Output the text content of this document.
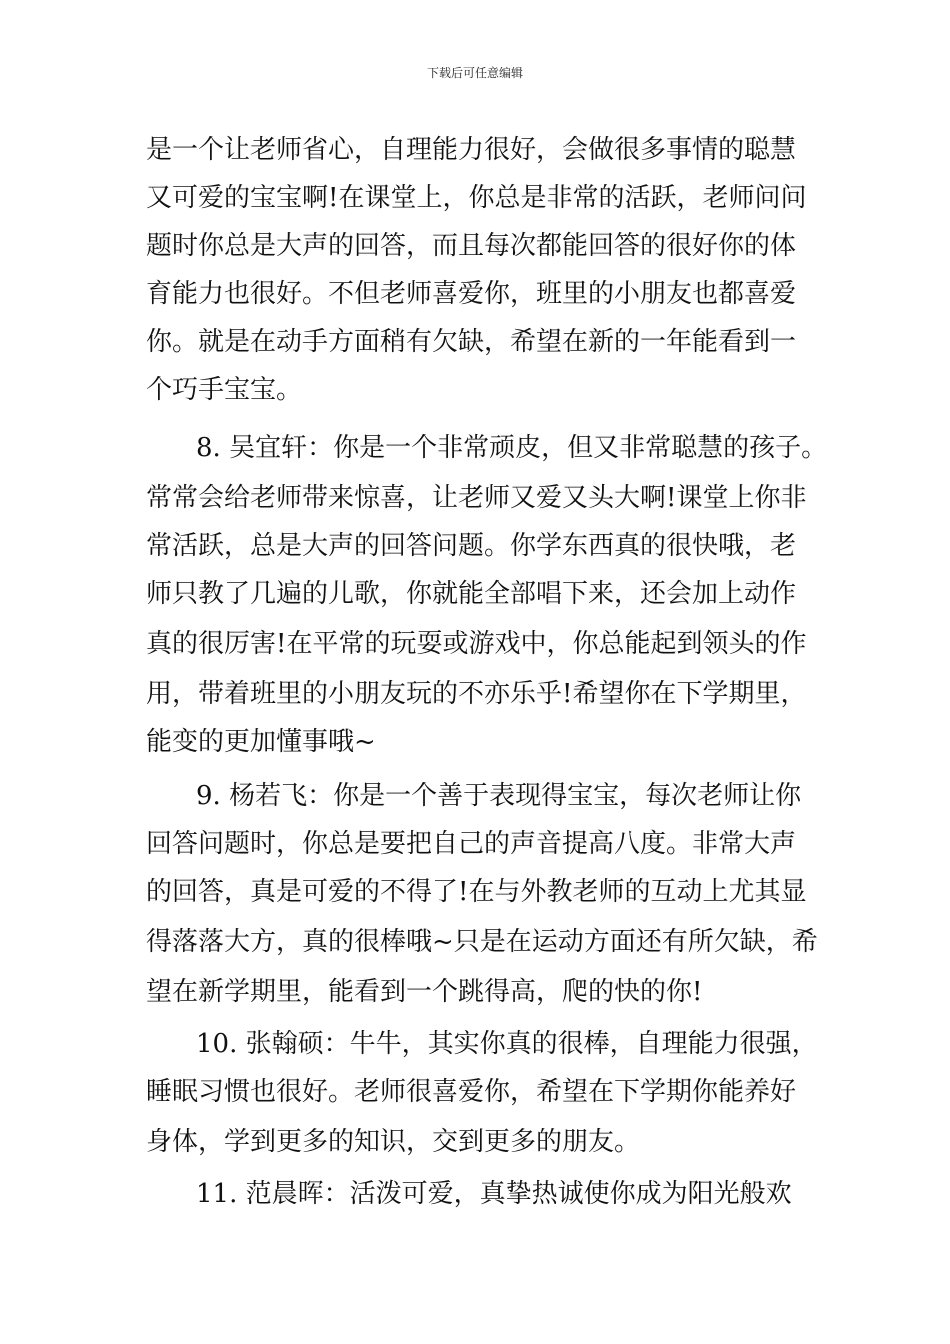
下载后可任意编辑
是一个让老师省心，自理能力很好，会做很多事情的聪慧
又可爱的宝宝啊!在课堂上，你总是非常的活跃，老师问问
题时你总是大声的回答，而且每次都能回答的很好你的体
育能力也很好。不但老师喜爱你，班里的小朋友也都喜爱
你。就是在动手方面稍有欠缺，希望在新的一年能看到一
个巧手宝宝。
8. 吴宜轩：你是一个非常顽皮，但又非常聪慧的孩子。
常常会给老师带来惊喜，让老师又爱又头大啊!课堂上你非
常活跃，总是大声的回答问题。你学东西真的很快哦，老
师只教了几遍的儿歌，你就能全部唱下来，还会加上动作
真的很厉害!在平常的玩耍或游戏中，你总能起到领头的作
用，带着班里的小朋友玩的不亦乐乎!希望你在下学期里，
能变的更加懂事哦~
9. 杨若飞：你是一个善于表现得宝宝，每次老师让你
回答问题时，你总是要把自己的声音提高八度。非常大声
的回答，真是可爱的不得了!在与外教老师的互动上尤其显
得落落大方，真的很棒哦~只是在运动方面还有所欠缺，希
望在新学期里，能看到一个跳得高，爬的快的你!
10. 张翰硕：牛牛，其实你真的很棒，自理能力很强，
睡眠习惯也很好。老师很喜爱你，希望在下学期你能养好
身体，学到更多的知识，交到更多的朋友。
11. 范晨晖：活泼可爱，真挚热诚使你成为阳光般欢
